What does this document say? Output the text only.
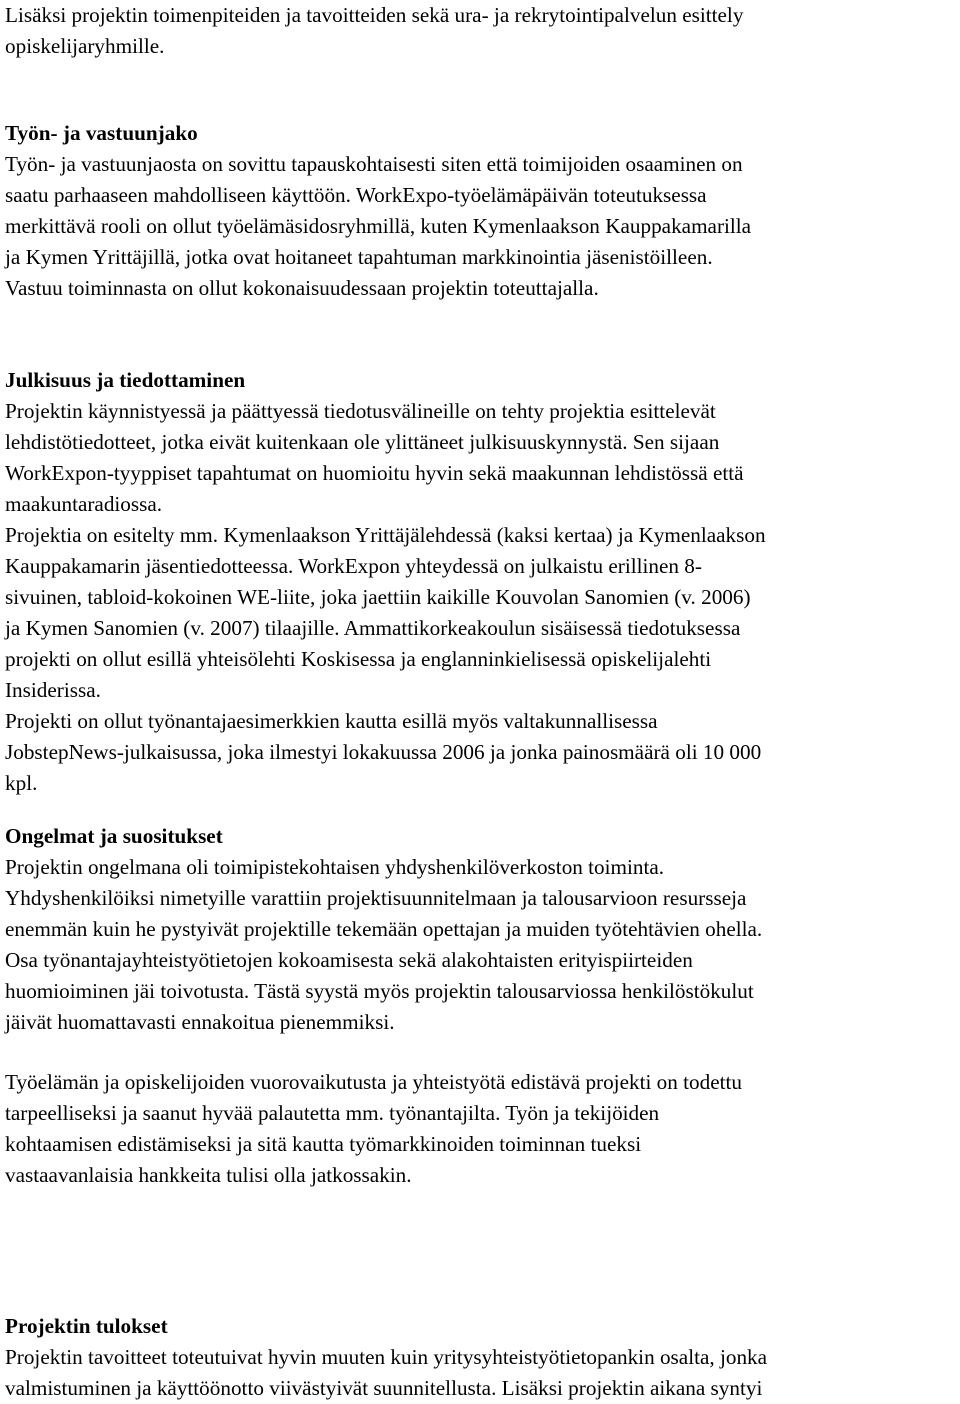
Lisäksi projektin toimenpiteiden ja tavoitteiden sekä ura- ja rekrytointipalvelun esittely
opiskelijaryhmille.
Työn- ja vastuunjako
Työn- ja vastuunjaosta on sovittu tapauskohtaisesti siten että toimijoiden osaaminen on
saatu parhaaseen mahdolliseen käyttöön. WorkExpo-työelämäpäivän toteutuksessa
merkittävä rooli on ollut työelämäsidosryhmillä, kuten Kymenlaakson Kauppakamarilla
ja Kymen Yrittäjillä, jotka ovat hoitaneet tapahtuman markkinointia jäsenistöilleen.
Vastuu toiminnasta on ollut kokonaisuudessaan projektin toteuttajalla.
Julkisuus ja tiedottaminen
Projektin käynnistyessä ja päättyessä tiedotusvälineille on tehty projektia esittelevät
lehdistötiedotteet, jotka eivät kuitenkaan ole ylittäneet julkisuuskynnystä. Sen sijaan
WorkExpon-tyyppiset tapahtumat on huomioitu hyvin sekä maakunnan lehdistössä että
maakuntaradiossa.
Projektia on esitelty mm. Kymenlaakson Yrittäjälehdessä (kaksi kertaa) ja Kymenlaakson
Kauppakamarin jäsentiedotteessa. WorkExpon yhteydessä on julkaistu erillinen 8-
sivuinen, tabloid-kokoinen WE-liite, joka jaettiin kaikille Kouvolan Sanomien (v. 2006)
ja Kymen Sanomien (v. 2007) tilaajille. Ammattikorkeakoulun sisäisessä tiedotuksessa
projekti on ollut esillä yhteisölehti Koskisessa ja englanninkielisessä opiskelijalehti
Insiderissa.
Projekti on ollut työnantajaesimerkkien kautta esillä myös valtakunnallisessa
JobstepNews-julkaisussa, joka ilmestyi lokakuussa 2006 ja jonka painosmäärä oli 10 000
kpl.
Ongelmat ja suositukset
Projektin ongelmana oli toimipistekohtaisen yhdyshenkilöverkoston toiminta.
Yhdyshenkilöiksi nimetyille varattiin projektisuunnitelmaan ja talousarvioon resursseja
enemmän kuin he pystyivät projektille tekemään opettajan ja muiden työtehtävien ohella.
Osa työnantajayhteistyötietojen kokoamisesta sekä alakohtaisten erityispiirteiden
huomioiminen jäi toivotusta. Tästä syystä myös projektin talousarviossa henkilöstökulut
jäivät huomattavasti ennakoitua pienemmiksi.
Työelämän ja opiskelijoiden vuorovaikutusta ja yhteistyötä edistävä projekti on todettu
tarpeelliseksi ja saanut hyvää palautetta mm. työnantajilta. Työn ja tekijöiden
kohtaamisen edistämiseksi ja sitä kautta työmarkkinoiden toiminnan tueksi
vastaavanlaisia hankkeita tulisi olla jatkossakin.
Projektin tulokset
Projektin tavoitteet toteutuivat hyvin muuten kuin yritysyhteistyötietopankin osalta, jonka
valmistuminen ja käyttöönotto viivästyivät suunnitellusta. Lisäksi projektin aikana syntyi
